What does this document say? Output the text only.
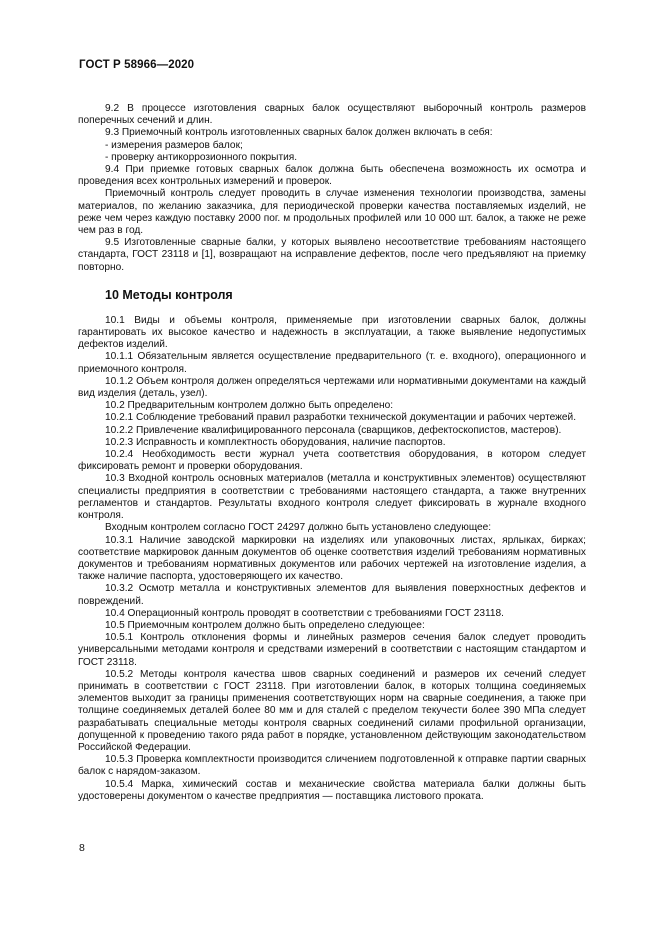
ГОСТ Р 58966—2020

9.2 В процессе изготовления сварных балок осуществляют выборочный контроль размеров поперечных сечений и длин.

9.3 Приемочный контроль изготовленных сварных балок должен включать в себя:

- измерения размеров балок;

- проверку антикоррозионного покрытия.

9.4 При приемке готовых сварных балок должна быть обеспечена возможность их осмотра и проведения всех контрольных измерений и проверок.

Приемочный контроль следует проводить в случае изменения технологии производства, замены материалов, по желанию заказчика, для периодической проверки качества поставляемых изделий, не реже чем через каждую поставку 2000 пог. м продольных профилей или 10 000 шт. балок, а также не реже чем раз в год.

9.5 Изготовленные сварные балки, у которых выявлено несоответствие требованиям настоящего стандарта, ГОСТ 23118 и [1], возвращают на исправление дефектов, после чего предъявляют на приемку повторно.

10 Методы контроля

10.1 Виды и объемы контроля, применяемые при изготовлении сварных балок, должны гарантировать их высокое качество и надежность в эксплуатации, а также выявление недопустимых дефектов изделий.

10.1.1 Обязательным является осуществление предварительного (т. е. входного), операционного и приемочного контроля.

10.1.2 Объем контроля должен определяться чертежами или нормативными документами на каждый вид изделия (деталь, узел).

10.2 Предварительным контролем должно быть определено:

10.2.1 Соблюдение требований правил разработки технической документации и рабочих чертежей.

10.2.2 Привлечение квалифицированного персонала (сварщиков, дефектоскопистов, мастеров).

10.2.3 Исправность и комплектность оборудования, наличие паспортов.

10.2.4 Необходимость вести журнал учета соответствия оборудования, в котором следует фиксировать ремонт и проверки оборудования.

10.3 Входной контроль основных материалов (металла и конструктивных элементов) осуществляют специалисты предприятия в соответствии с требованиями настоящего стандарта, а также внутренних регламентов и стандартов. Результаты входного контроля следует фиксировать в журнале входного контроля.

Входным контролем согласно ГОСТ 24297 должно быть установлено следующее:

10.3.1 Наличие заводской маркировки на изделиях или упаковочных листах, ярлыках, бирках; соответствие маркировок данным документов об оценке соответствия изделий требованиям нормативных документов и требованиям нормативных документов или рабочих чертежей на изготовление изделия, а также наличие паспорта, удостоверяющего их качество.

10.3.2 Осмотр металла и конструктивных элементов для выявления поверхностных дефектов и повреждений.

10.4 Операционный контроль проводят в соответствии с требованиями ГОСТ 23118.

10.5 Приемочным контролем должно быть определено следующее:

10.5.1 Контроль отклонения формы и линейных размеров сечения балок следует проводить универсальными методами контроля и средствами измерений в соответствии с настоящим стандартом и ГОСТ 23118.

10.5.2 Методы контроля качества швов сварных соединений и размеров их сечений следует принимать в соответствии с ГОСТ 23118. При изготовлении балок, в которых толщина соединяемых элементов выходит за границы применения соответствующих норм на сварные соединения, а также при толщине соединяемых деталей более 80 мм и для сталей с пределом текучести более 390 МПа следует разрабатывать специальные методы контроля сварных соединений силами профильной организации, допущенной к проведению такого ряда работ в порядке, установленном действующим законодательством Российской Федерации.

10.5.3 Проверка комплектности производится сличением подготовленной к отправке партии сварных балок с нарядом-заказом.

10.5.4 Марка, химический состав и механические свойства материала балки должны быть удостоверены документом о качестве предприятия — поставщика листового проката.

8
